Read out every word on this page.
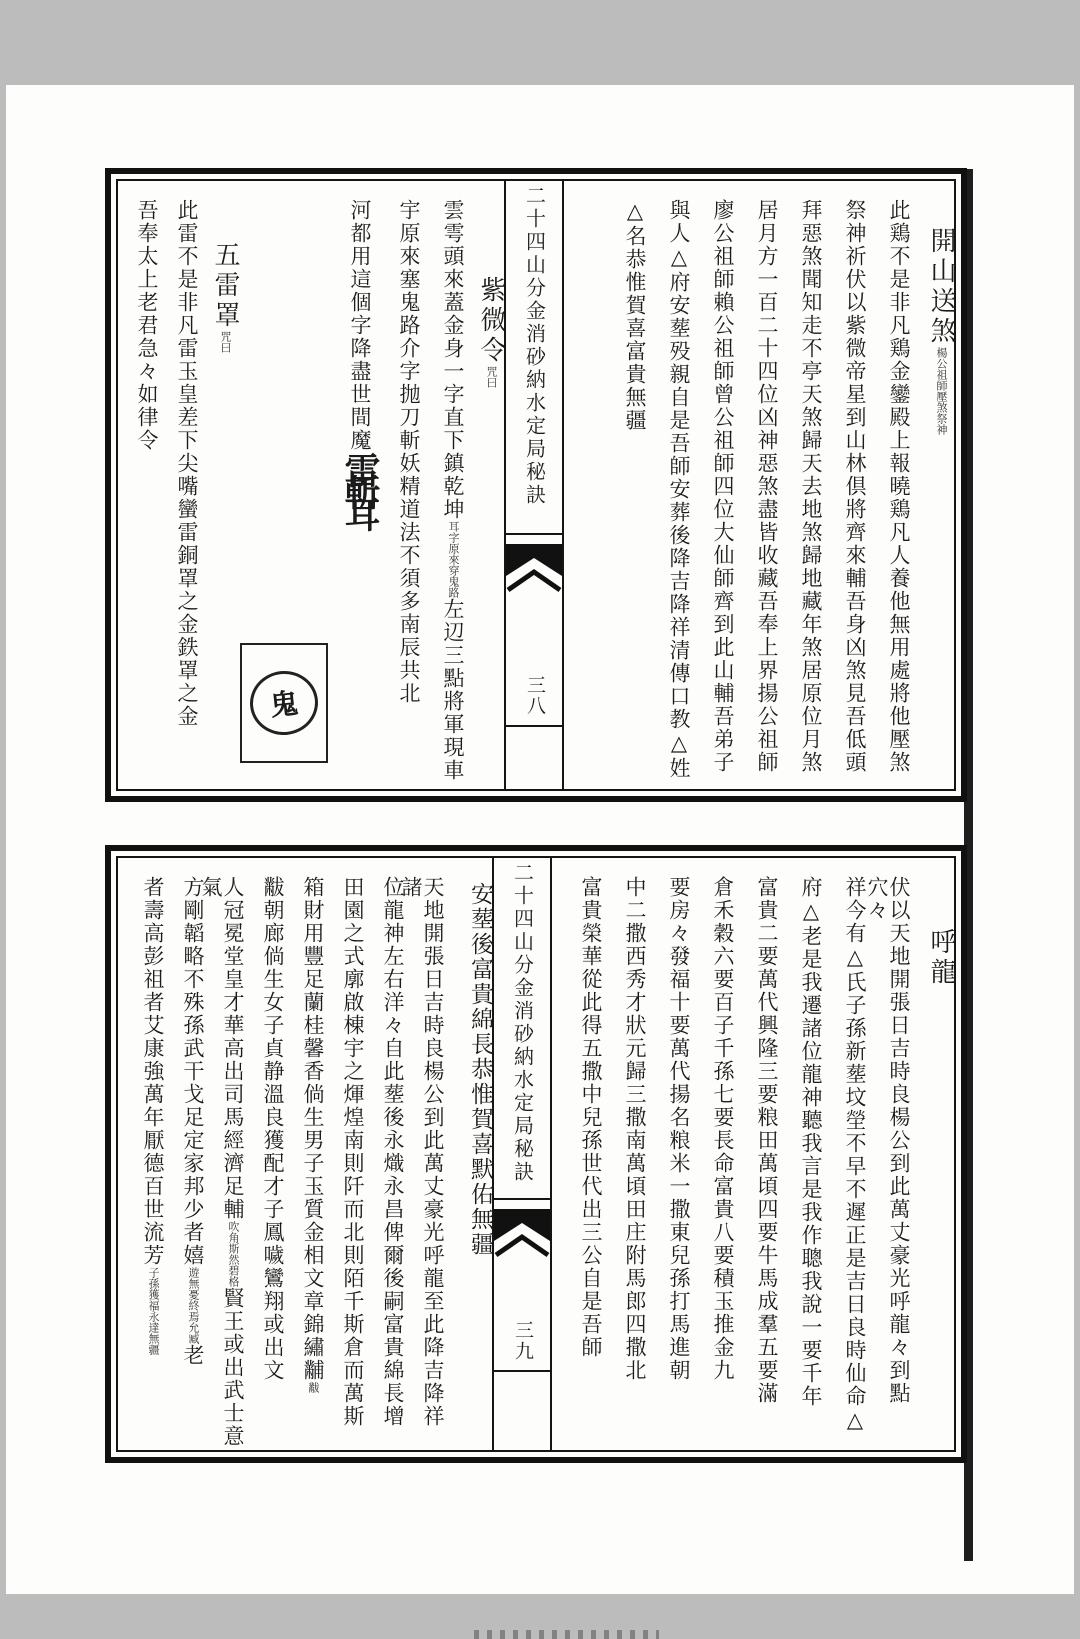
開山送煞楊公祖師壓煞祭神
此鶏不是非凡鶏金鑾殿上報曉鶏凡人養他無用處將他壓煞
祭神祈伏以紫微帝星到山林倶將齊來輔吾身凶煞見吾低頭
拜惡煞聞知走不亭天煞歸天去地煞歸地藏年煞居原位月煞
居月方一百二十四位凶神惡煞盡皆收藏吾奉上界揚公祖師
廖公祖師賴公祖師曾公祖師四位大仙師齊到此山輔吾弟子
與人△府安塟殁親自是吾師安葬後降吉降祥清傳口教△姓
△名恭惟賀喜富貴無疆
二十四山分金消砂納水定局秘訣
三八
紫微令咒曰
雲雩頭來蓋金身一字直下鎮乾坤耳字原來穿鬼路左辺三點將軍現車
宇原來塞鬼路介字抛刀斬妖精道法不須多南辰共北
河都用這個字降盡世間魔雷斬耳
鬼
五雷罩咒曰
此雷不是非凡雷玉皇差下尖嘴蠻雷銅罩之金鉄罩之金
吾奉太上老君急々如律令
呼龍
伏以天地開張日吉時良楊公到此萬丈豪光呼龍々到點穴々
祥今有△氏子孫新塟坟塋不早不遲正是吉日良時仙命△
府△老是我遷諸位龍神聽我言是我作聰我說一要千年
富貴二要萬代興隆三要粮田萬頃四要牛馬成羣五要滿
倉禾穀六要百子千孫七要長命富貴八要積玉推金九
要房々發福十要萬代揚名粮米一撒東兒孫打馬進朝
中二撒西秀才狀元歸三撒南萬頃田庄附馬郎四撒北
富貴榮華從此得五撒中兒孫世代出三公自是吾師
二十四山分金消砂納水定局秘訣
三九
安塟後富貴綿長恭惟賀喜默佑無疆
天地開張日吉時良楊公到此萬丈豪光呼龍至此降吉降祥諸
位龍神左右洋々自此塟後永熾永昌俾爾後嗣富貴綿長增
田園之式廓啟棟宇之煇煌南則阡而北則陌千斯倉而萬斯
箱財用豐足蘭桂馨香倘生男子玉質金相文章錦繡黼黻
黻朝廊倘生女子貞静溫良獲配才子鳳噦鸞翔或出文
人冠冕堂皇才華高出司馬經濟足輔吹角斯然碧格賢王或出武士意氣
方剛韜略不殊孫武干戈足定家邦少者嬉遊無憂終焉允臧老
者壽高彭祖者艾康強萬年厭德百世流芳子孫獲福永達無疆
